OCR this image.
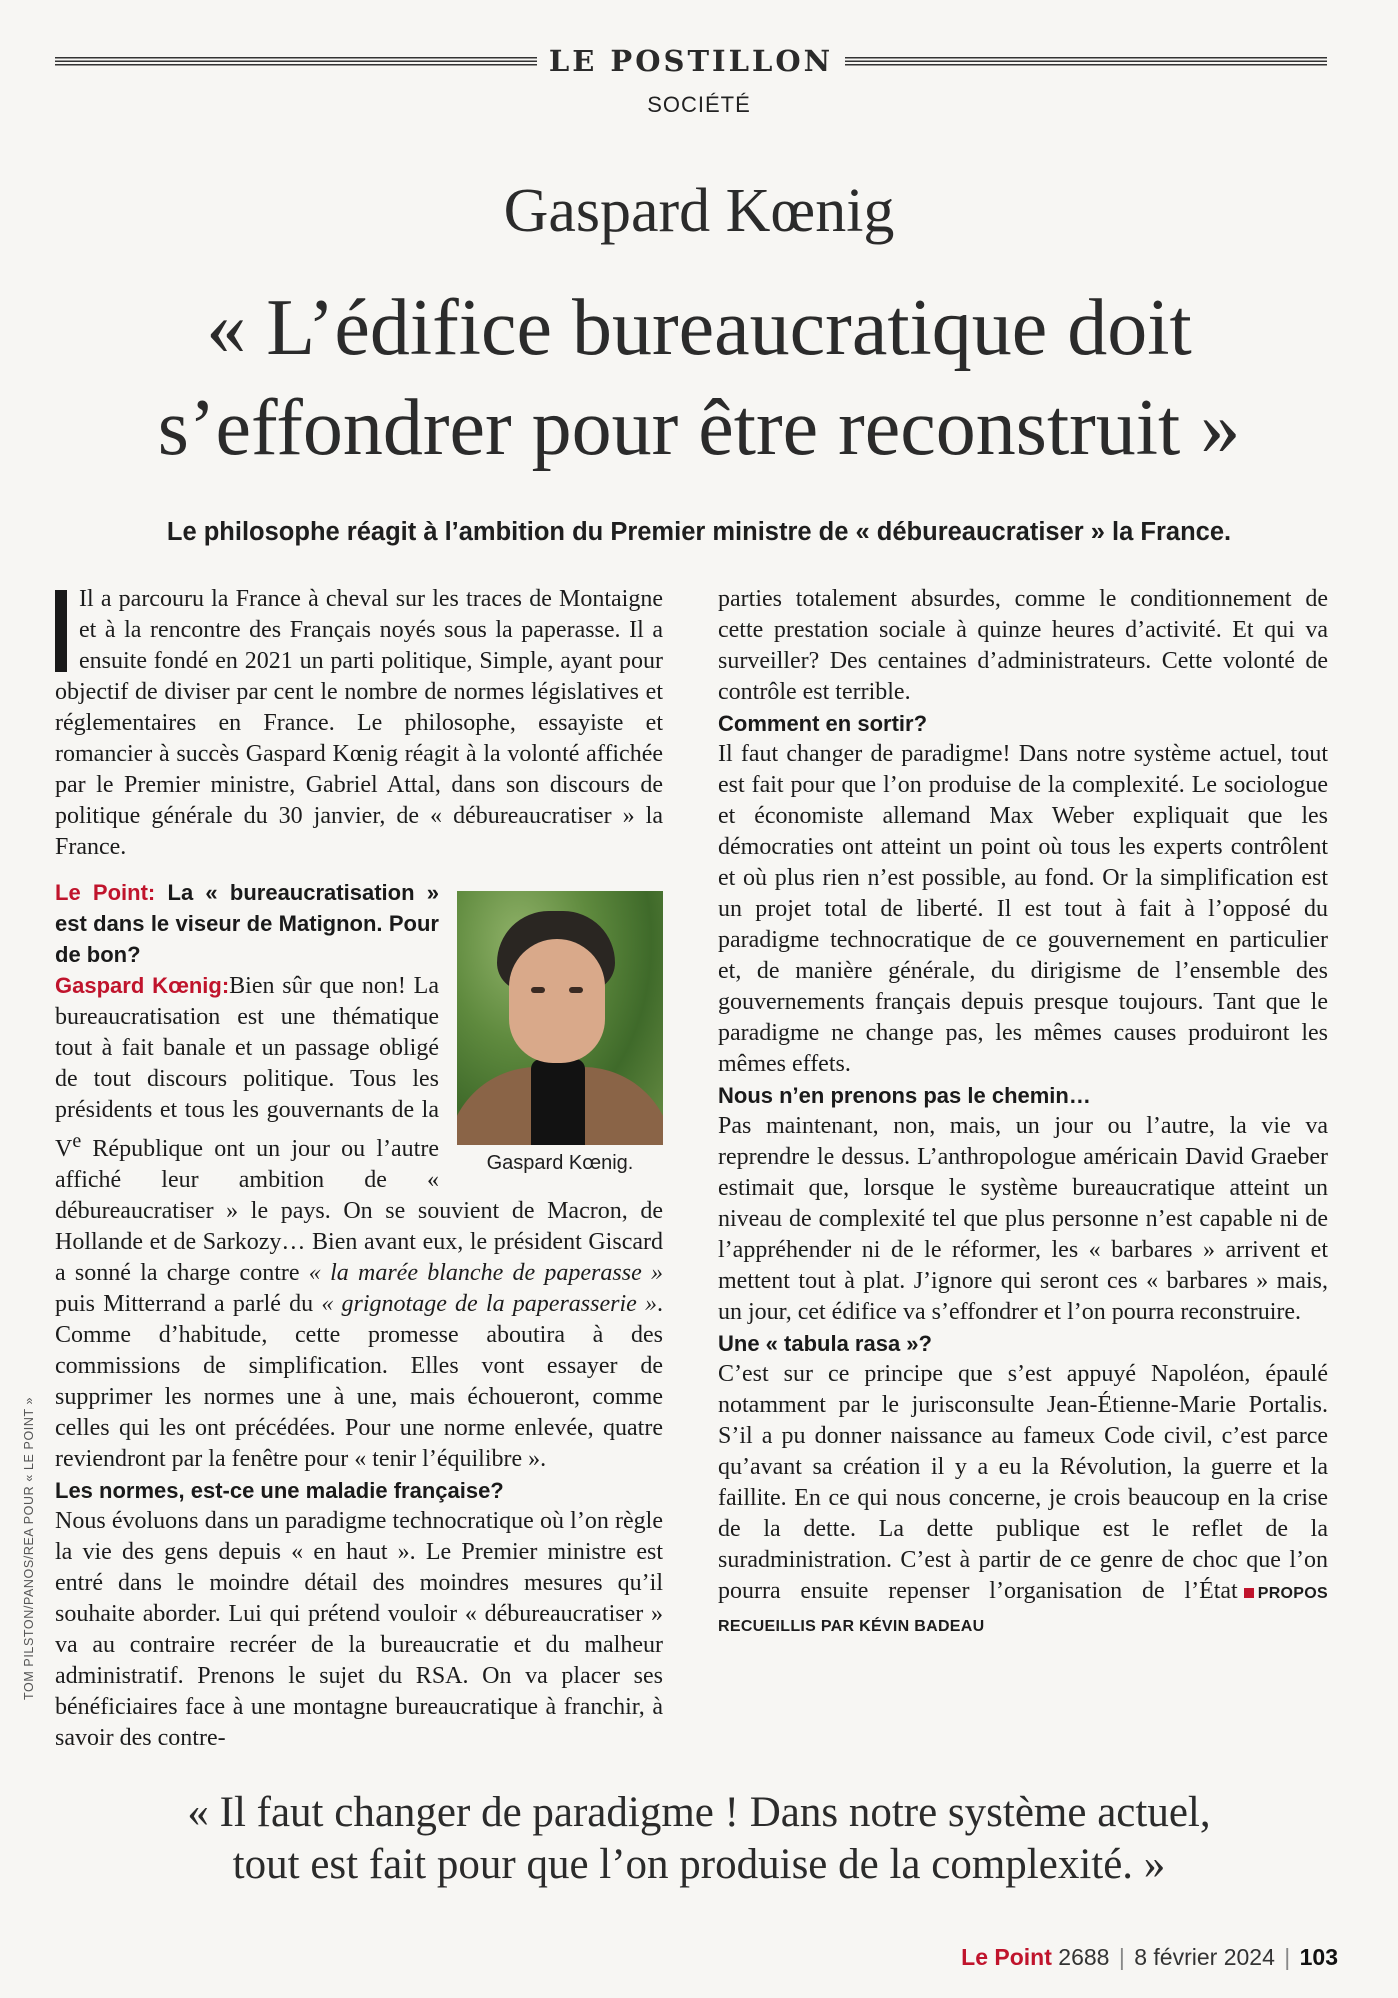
LE POSTILLON
SOCIÉTÉ
Gaspard Kœnig
« L’édifice bureaucratique doit
s’effondrer pour être reconstruit »
Le philosophe réagit à l’ambition du Premier ministre de « débureaucratiser » la France.

Il a parcouru la France à cheval sur les traces de Montaigne et à la rencontre des Français noyés sous la paperasse. Il a ensuite fondé en 2021 un parti politique, Simple, ayant pour objectif de diviser par cent le nombre de normes législatives et réglementaires en France. Le philosophe, essayiste et romancier à succès Gaspard Kœnig réagit à la volonté affichée par le Premier ministre, Gabriel Attal, dans son discours de politique générale du 30 janvier, de « débureaucratiser » la France.

Gaspard Kœnig.

Le Point: La « bureaucratisation » est dans le viseur de Matignon. Pour de bon?

Gaspard Kœnig:Bien sûr que non! La bureaucratisation est une thématique tout à fait banale et un passage obligé de tout discours politique. Tous les présidents et tous les gouvernants de la Ve République ont un jour ou l’autre affiché leur ambition de « débureaucratiser » le pays. On se souvient de Macron, de Hollande et de Sarkozy… Bien avant eux, le président Giscard a sonné la charge contre « la marée blanche de paperasse » puis Mitterrand a parlé du « grignotage de la paperasserie ». Comme d’habitude, cette promesse aboutira à des commissions de simplification. Elles vont essayer de supprimer les normes une à une, mais échoueront, comme celles qui les ont précédées. Pour une norme enlevée, quatre reviendront par la fenêtre pour « tenir l’équilibre ».

Les normes, est-ce une maladie française?

Nous évoluons dans un paradigme technocratique où l’on règle la vie des gens depuis « en haut ». Le Premier ministre est entré dans le moindre détail des moindres mesures qu’il souhaite aborder. Lui qui prétend vouloir « débureaucratiser » va au contraire recréer de la bureaucratie et du malheur administratif. Prenons le sujet du RSA. On va placer ses bénéficiaires face à une montagne bureaucratique à franchir, à savoir des contre-

parties totalement absurdes, comme le conditionnement de cette prestation sociale à quinze heures d’activité. Et qui va surveiller? Des centaines d’administrateurs. Cette volonté de contrôle est terrible.

Comment en sortir?

Il faut changer de paradigme! Dans notre système actuel, tout est fait pour que l’on produise de la complexité. Le sociologue et économiste allemand Max Weber expliquait que les démocraties ont atteint un point où tous les experts contrôlent et où plus rien n’est possible, au fond. Or la simplification est un projet total de liberté. Il est tout à fait à l’opposé du paradigme technocratique de ce gouvernement en particulier et, de manière générale, du dirigisme de l’ensemble des gouvernements français depuis presque toujours. Tant que le paradigme ne change pas, les mêmes causes produiront les mêmes effets.

Nous n’en prenons pas le chemin…

Pas maintenant, non, mais, un jour ou l’autre, la vie va reprendre le dessus. L’anthropologue américain David Graeber estimait que, lorsque le système bureaucratique atteint un niveau de complexité tel que plus personne n’est capable ni de l’appréhender ni de le réformer, les « barbares » arrivent et mettent tout à plat. J’ignore qui seront ces « barbares » mais, un jour, cet édifice va s’effondrer et l’on pourra reconstruire.

Une « tabula rasa »?

C’est sur ce principe que s’est appuyé Napoléon, épaulé notamment par le jurisconsulte Jean-Étienne-Marie Portalis. S’il a pu donner naissance au fameux Code civil, c’est parce qu’avant sa création il y a eu la Révolution, la guerre et la faillite. En ce qui nous concerne, je crois beaucoup en la crise de la dette. La dette publique est le reflet de la suradministration. C’est à partir de ce genre de choc que l’on pourra ensuite repenser l’organisation de l’État PROPOS RECUEILLIS PAR KÉVIN BADEAU

TOM PILSTON/PANOS/REA POUR « LE POINT »
« Il faut changer de paradigme ! Dans notre système actuel,
tout est fait pour que l’on produise de la complexité. »
Le Point 2688 | 8 février 2024 | 103
